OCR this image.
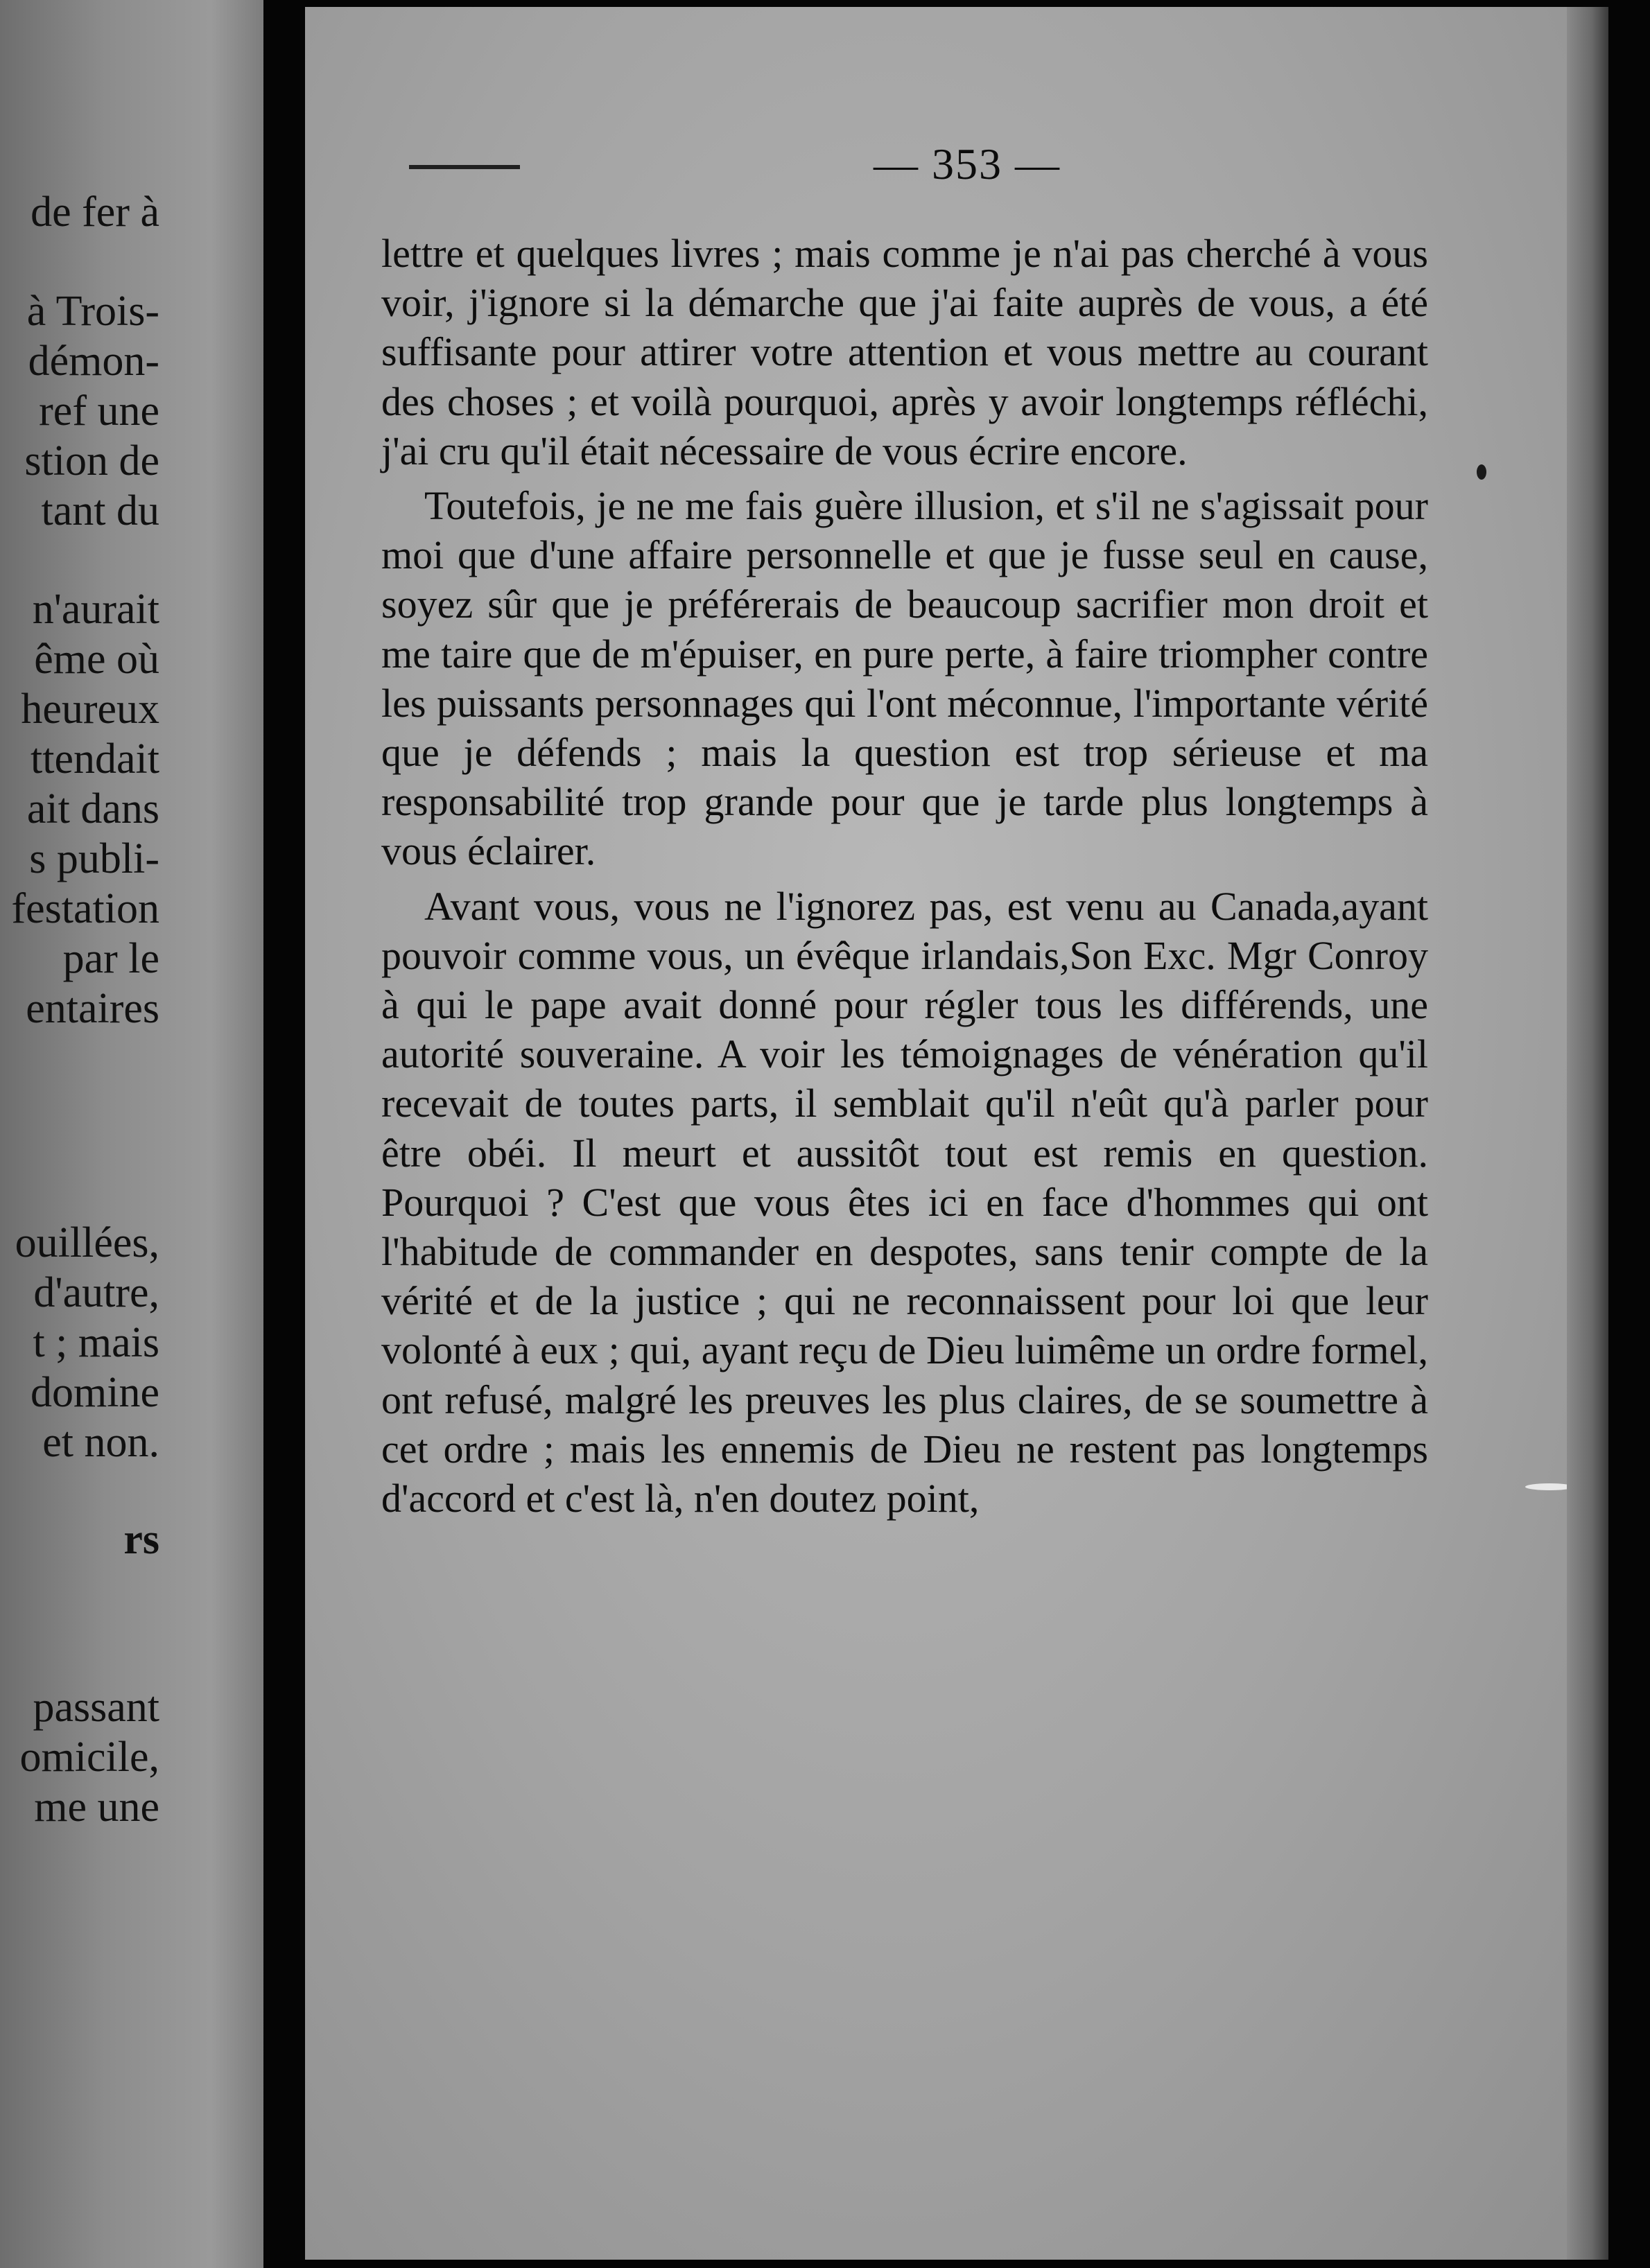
de fer à
à Trois-
démon-
ref une
stion de
tant du
n'aurait
ême où
heureux
ttendait
ait dans
s publi-
festation
par le
entaires
ouillées,
d'autre,
t ; mais
domine
et non.
rs
passant
omicile,
me une
— 353 —

lettre et quelques livres ; mais comme je n'ai pas cherché à vous voir, j'ignore si la démarche que j'ai faite auprès de vous, a été suffisante pour attirer votre attention et vous mettre au courant des choses ; et voilà pourquoi, après y avoir longtemps réfléchi, j'ai cru qu'il était nécessaire de vous écrire encore.

Toutefois, je ne me fais guère illusion, et s'il ne s'agissait pour moi que d'une affaire personnelle et que je fusse seul en cause, soyez sûr que je préférerais de beaucoup sacrifier mon droit et me taire que de m'épuiser, en pure perte, à faire triompher contre les puissants personnages qui l'ont méconnue, l'importante vérité que je défends ; mais la question est trop sérieuse et ma responsabilité trop grande pour que je tarde plus longtemps à vous éclairer.

Avant vous, vous ne l'ignorez pas, est venu au Canada,ayant pouvoir comme vous, un évêque irlandais,Son Exc. Mgr Conroy à qui le pape avait donné pour régler tous les différends, une autorité souveraine. A voir les témoignages de vénération qu'il recevait de toutes parts, il semblait qu'il n'eût qu'à parler pour être obéi. Il meurt et aussitôt tout est remis en question. Pourquoi ? C'est que vous êtes ici en face d'hommes qui ont l'habitude de commander en despotes, sans tenir compte de la vérité et de la justice ; qui ne reconnaissent pour loi que leur volonté à eux ; qui, ayant reçu de Dieu luimême un ordre formel, ont refusé, malgré les preuves les plus claires, de se soumettre à cet ordre ; mais les ennemis de Dieu ne restent pas longtemps d'accord et c'est là, n'en doutez point,
